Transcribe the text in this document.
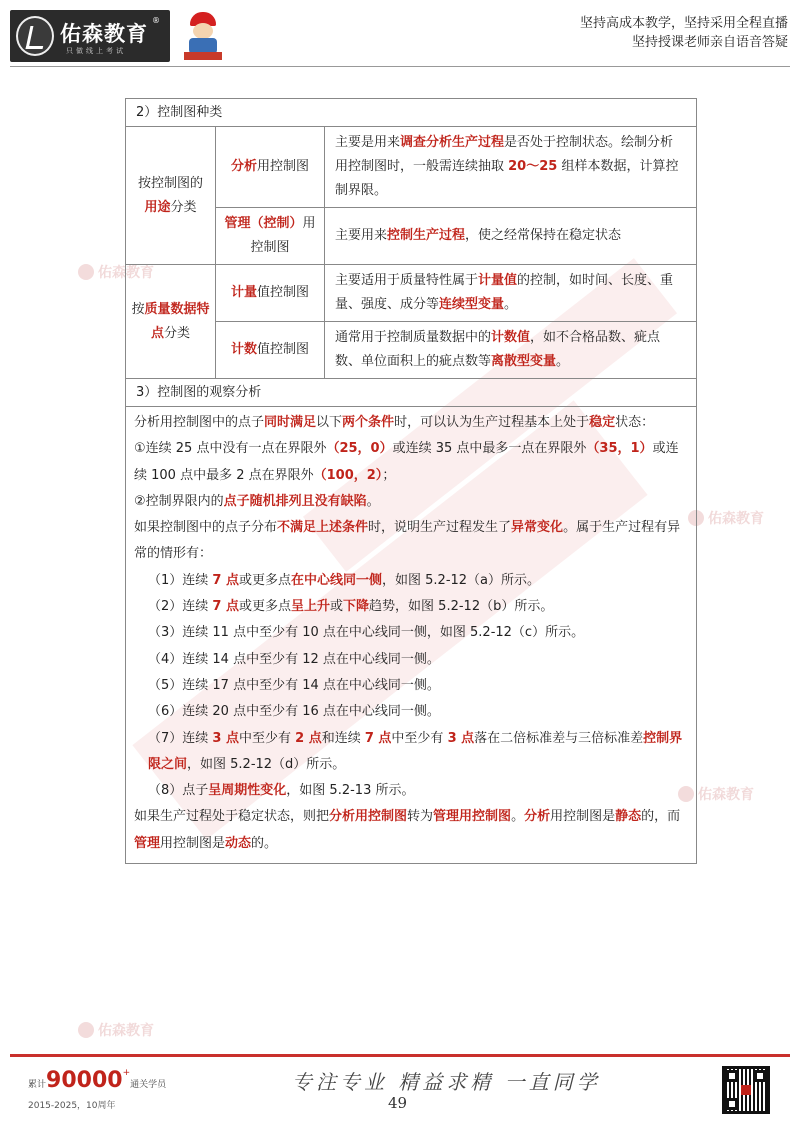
佑森教育
佑森教育
佑森教育
佑森教育
佑森教育
®
只做线上考试
坚持高成本教学，坚持采用全程直播
坚持授课老师亲自语音答疑
2）控制图种类
按控制图的
用途分类
分析用控制图
主要是用来调查分析生产过程是否处于控制状态。绘制分析用控制图时，一般需连续抽取 20～25 组样本数据，计算控制界限。
管理（控制）用控制图
主要用来控制生产过程，使之经常保持在稳定状态
按质量数据特点分类
计量值控制图
主要适用于质量特性属于计量值的控制，如时间、长度、重量、强度、成分等连续型变量。
计数值控制图
通常用于控制质量数据中的计数值，如不合格品数、疵点数、单位面积上的疵点数等离散型变量。
3）控制图的观察分析

分析用控制图中的点子同时满足以下两个条件时，可以认为生产过程基本上处于稳定状态：

①连续 25 点中没有一点在界限外（25，0）或连续 35 点中最多一点在界限外（35，1）或连续 100 点中最多 2 点在界限外（100，2）；

②控制界限内的点子随机排列且没有缺陷。

如果控制图中的点子分布不满足上述条件时，说明生产过程发生了异常变化。属于生产过程有异常的情形有：

（1）连续 7 点或更多点在中心线同一侧，如图 5.2-12（a）所示。

（2）连续 7 点或更多点呈上升或下降趋势，如图 5.2-12（b）所示。

（3）连续 11 点中至少有 10 点在中心线同一侧，如图 5.2-12（c）所示。

（4）连续 14 点中至少有 12 点在中心线同一侧。

（5）连续 17 点中至少有 14 点在中心线同一侧。

（6）连续 20 点中至少有 16 点在中心线同一侧。

（7）连续 3 点中至少有 2 点和连续 7 点中至少有 3 点落在二倍标准差与三倍标准差控制界限之间，如图 5.2-12（d）所示。

（8）点子呈周期性变化，如图 5.2-13 所示。

如果生产过程处于稳定状态，则把分析用控制图转为管理用控制图。分析用控制图是静态的，而管理用控制图是动态的。

累计90000+通关学员
2015-2025，10周年
专注专业 精益求精 一直同学
49
